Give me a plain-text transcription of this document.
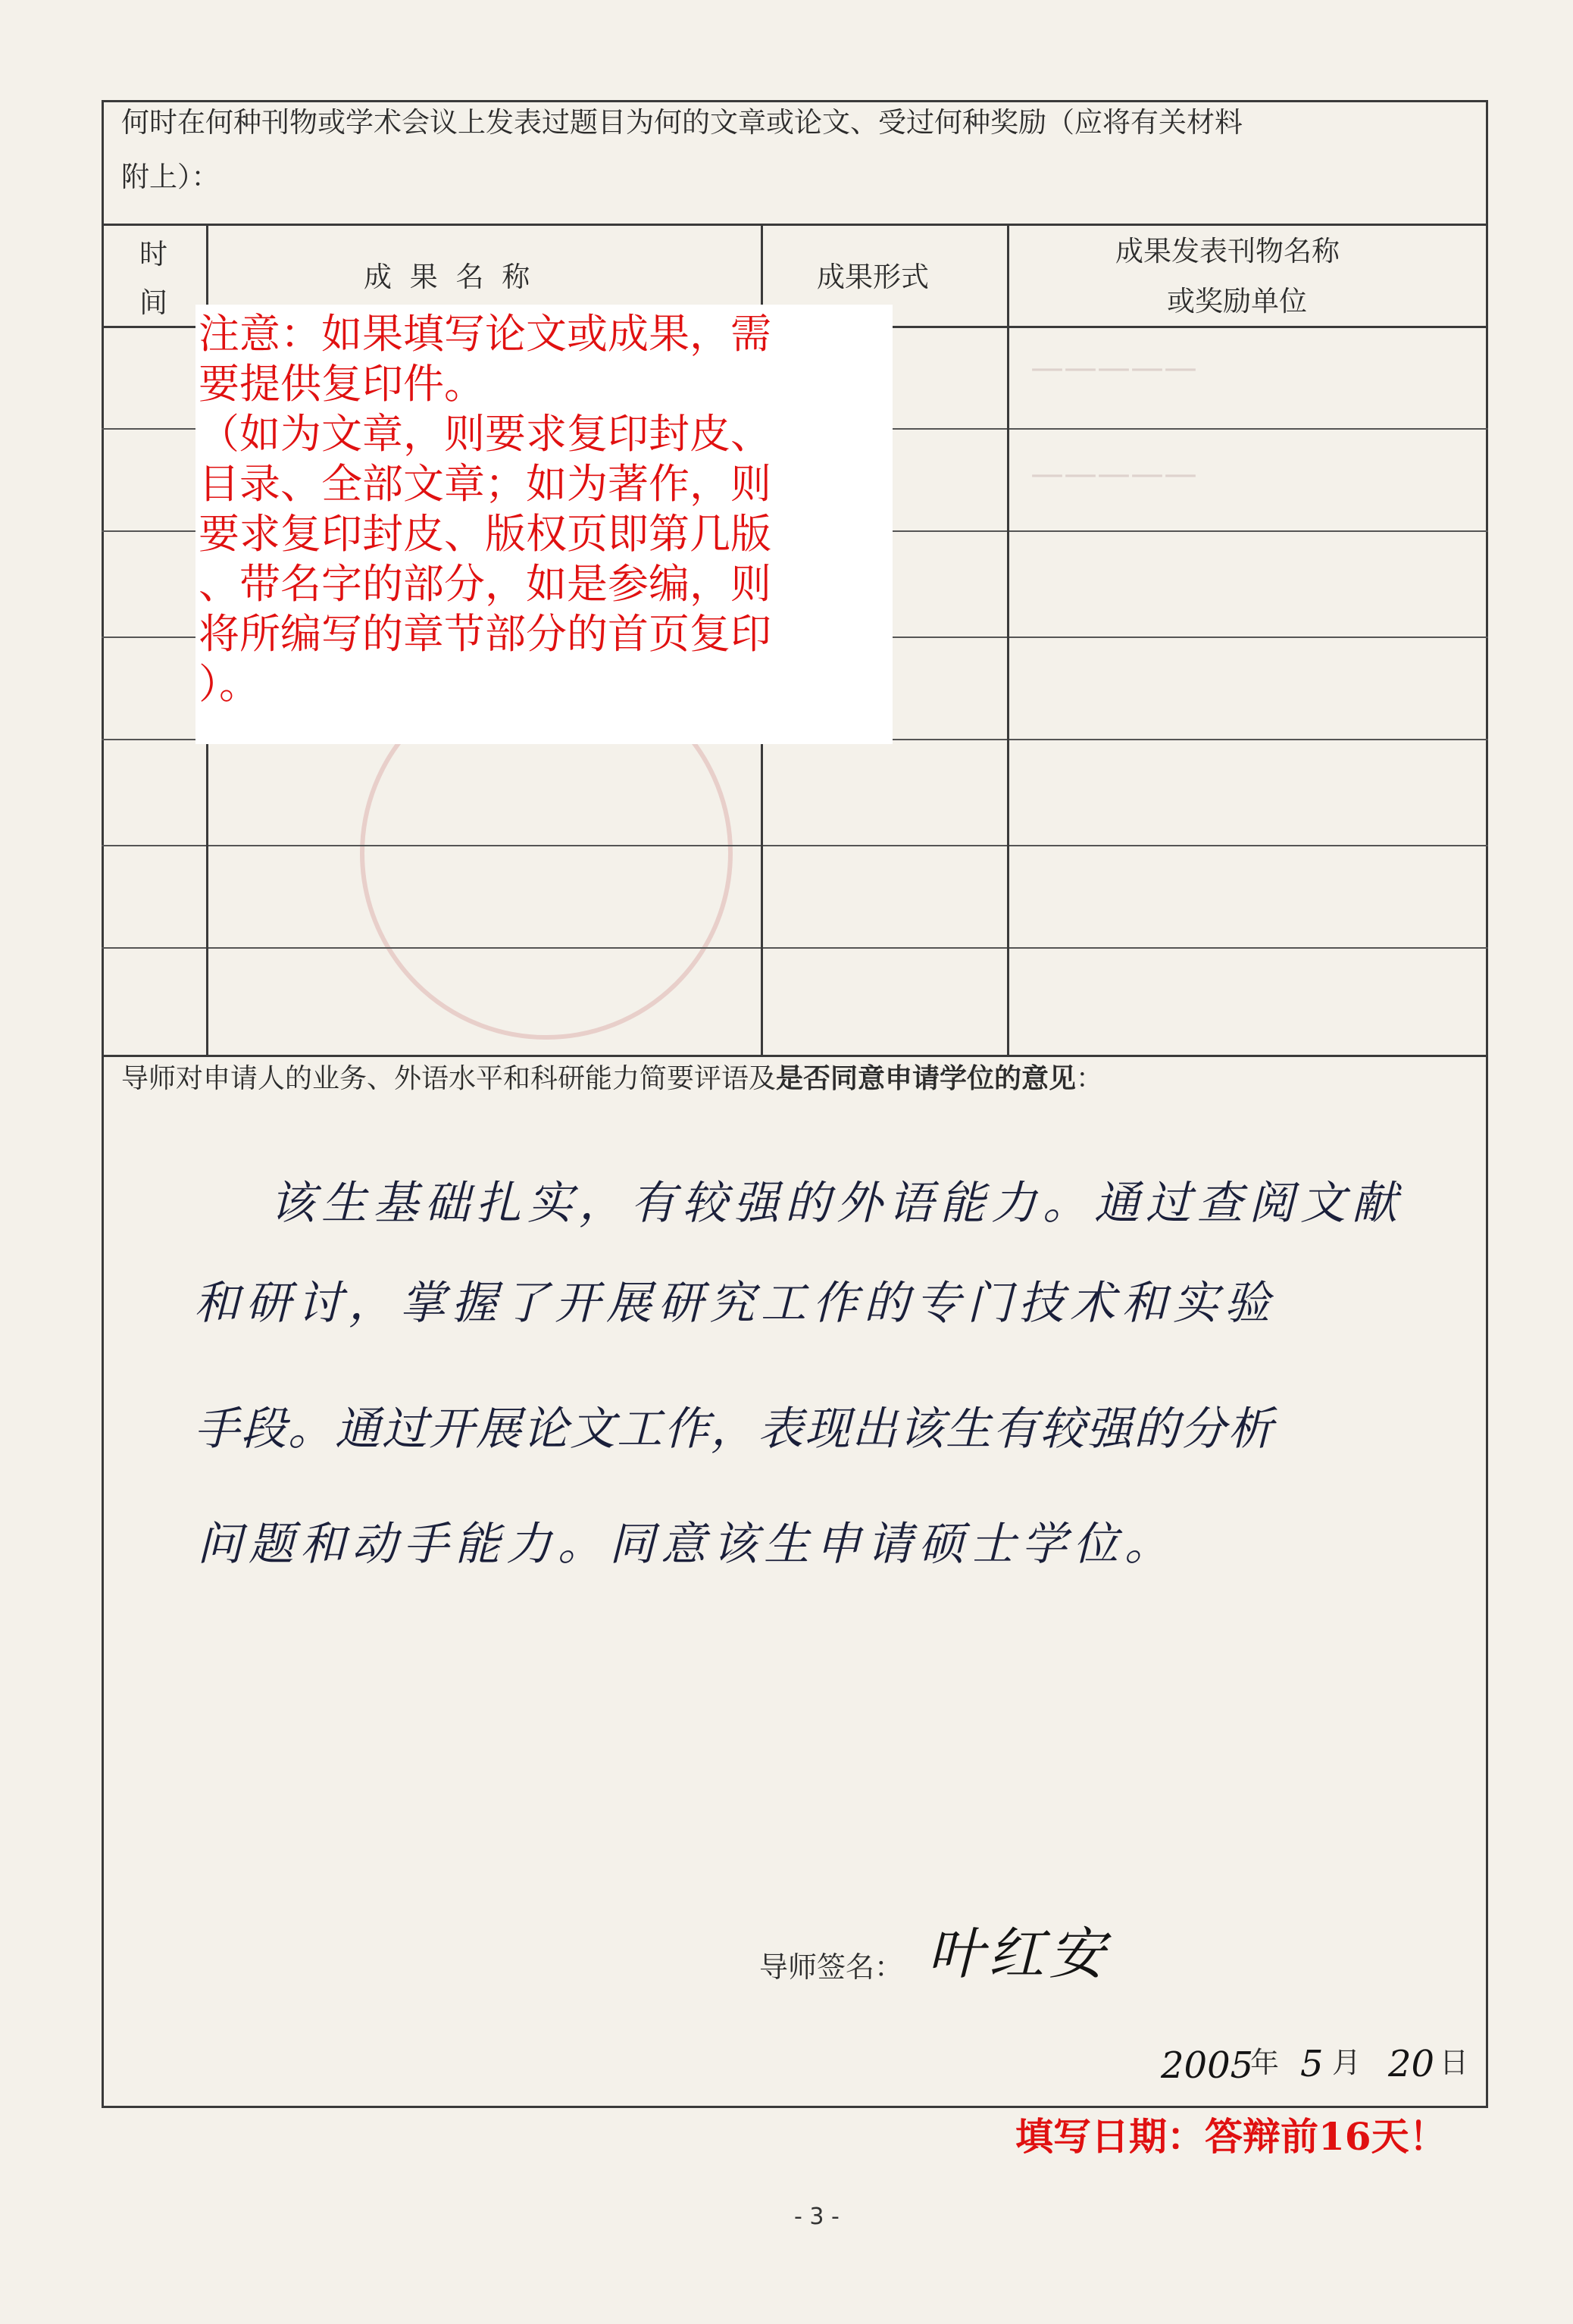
何时在何种刊物或学术会议上发表过题目为何的文章或论文、受过何种奖励（应将有关材料
附上）：
时
间
成 果 名 称	成果形式
成果发表刊物名称
或奖励单位
—————
—————
注意：如果填写论文或成果，需
要提供复印件。
（如为文章，则要求复印封皮、
目录、全部文章；如为著作，则
要求复印封皮、版权页即第几版
、带名字的部分，如是参编，则
将所编写的章节部分的首页复印
）。
导师对申请人的业务、外语水平和科研能力简要评语及是否同意申请学位的意见：
该生基础扎实，有较强的外语能力。通过查阅文献
和研讨，掌握了开展研究工作的专门技术和实验
手段。通过开展论文工作，表现出该生有较强的分析
问题和动手能力。同意该生申请硕士学位。
导师签名： 叶红安
2005
年 5 月 20 日
填写日期：答辩前16天！
- 3 -
